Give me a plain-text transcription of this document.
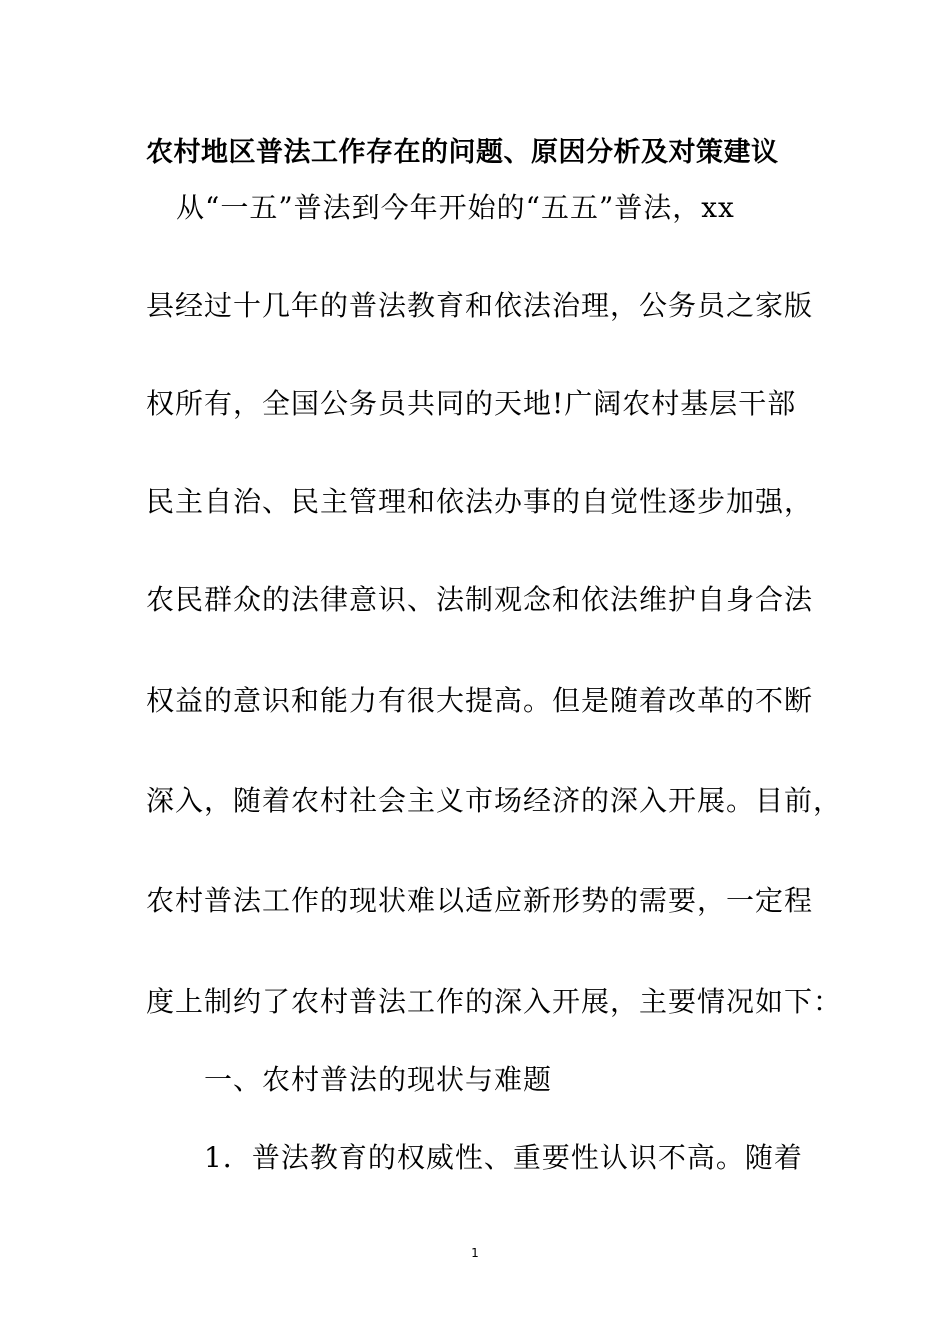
农村地区普法工作存在的问题、原因分析及对策建议
从“一五”普法到今年开始的“五五”普法，xx
县经过十几年的普法教育和依法治理，公务员之家版
权所有，全国公务员共同的天地!广阔农村基层干部
民主自治、民主管理和依法办事的自觉性逐步加强，
农民群众的法律意识、法制观念和依法维护自身合法
权益的意识和能力有很大提高。但是随着改革的不断
深入，随着农村社会主义市场经济的深入开展。目前，
农村普法工作的现状难以适应新形势的需要，一定程
度上制约了农村普法工作的深入开展，主要情况如下：
一、农村普法的现状与难题
1．普法教育的权威性、重要性认识不高。随着
1
